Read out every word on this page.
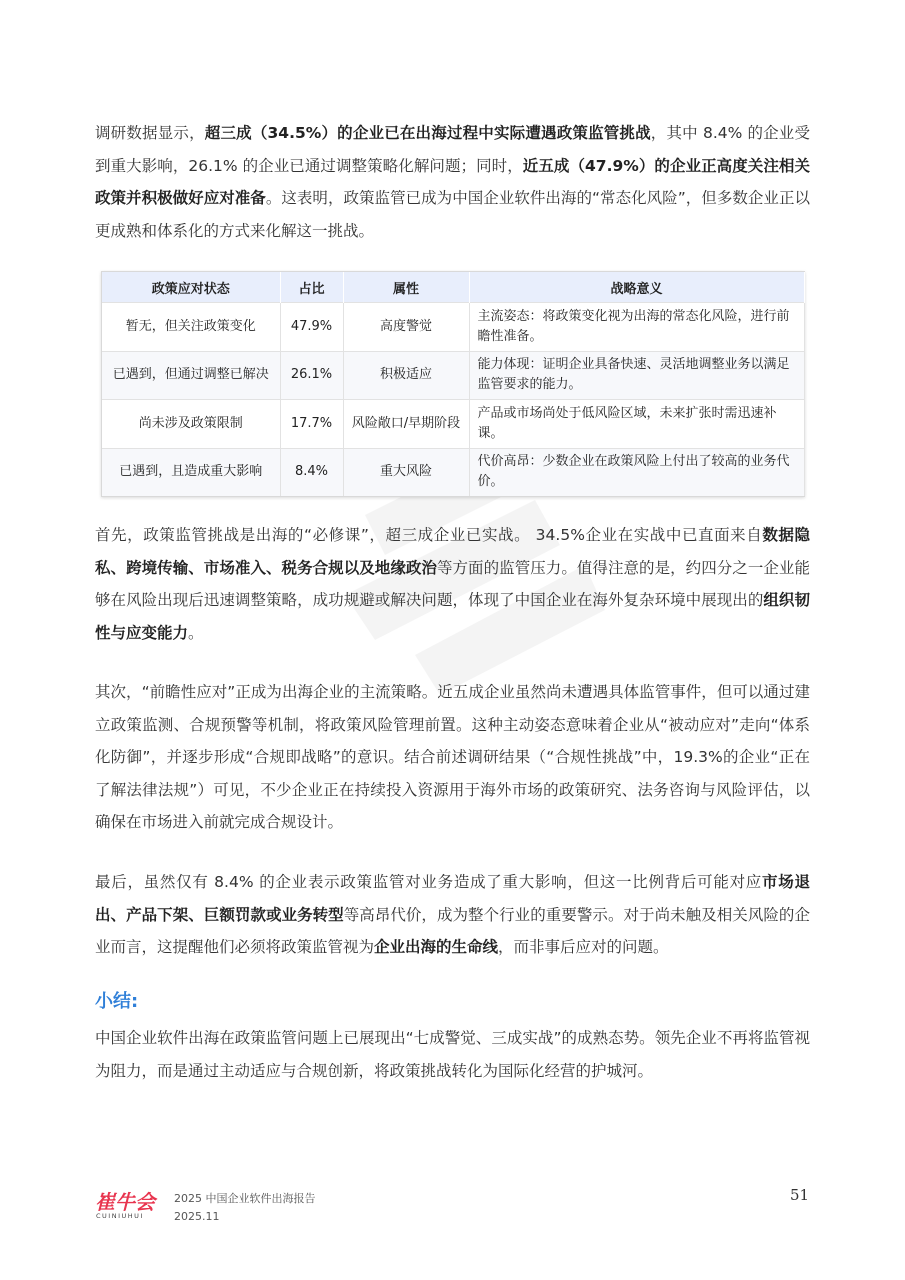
调研数据显示，超三成（34.5%）的企业已在出海过程中实际遭遇政策监管挑战，其中 8.4% 的企业受到重大影响，26.1% 的企业已通过调整策略化解问题；同时，近五成（47.9%）的企业正高度关注相关政策并积极做好应对准备。这表明，政策监管已成为中国企业软件出海的“常态化风险”，但多数企业正以更成熟和体系化的方式来化解这一挑战。

政策应对状态	占比	属性	战略意义
暂无，但关注政策变化	47.9%	高度警觉	主流姿态：将政策变化视为出海的常态化风险，进行前瞻性准备。
已遇到，但通过调整已解决	26.1%	积极适应	能力体现：证明企业具备快速、灵活地调整业务以满足监管要求的能力。
尚未涉及政策限制	17.7%	风险敞口/早期阶段	产品或市场尚处于低风险区域，未来扩张时需迅速补课。
已遇到，且造成重大影响	8.4%	重大风险	代价高昂：少数企业在政策风险上付出了较高的业务代价。

首先，政策监管挑战是出海的“必修课”，超三成企业已实战。 34.5%企业在实战中已直面来自数据隐私、跨境传输、市场准入、税务合规以及地缘政治等方面的监管压力。值得注意的是，约四分之一企业能够在风险出现后迅速调整策略，成功规避或解决问题，体现了中国企业在海外复杂环境中展现出的组织韧性与应变能力。

其次，“前瞻性应对”正成为出海企业的主流策略。近五成企业虽然尚未遭遇具体监管事件，但可以通过建立政策监测、合规预警等机制，将政策风险管理前置。这种主动姿态意味着企业从“被动应对”走向“体系化防御”，并逐步形成“合规即战略”的意识。结合前述调研结果（“合规性挑战”中，19.3%的企业“正在了解法律法规”）可见，不少企业正在持续投入资源用于海外市场的政策研究、法务咨询与风险评估，以确保在市场进入前就完成合规设计。

最后，虽然仅有 8.4% 的企业表示政策监管对业务造成了重大影响，但这一比例背后可能对应市场退出、产品下架、巨额罚款或业务转型等高昂代价，成为整个行业的重要警示。对于尚未触及相关风险的企业而言，这提醒他们必须将政策监管视为企业出海的生命线，而非事后应对的问题。

小结:

中国企业软件出海在政策监管问题上已展现出“七成警觉、三成实战”的成熟态势。领先企业不再将监管视为阻力，而是通过主动适应与合规创新，将政策挑战转化为国际化经营的护城河。

崔牛会
CUINIUHUI
2025 中国企业软件出海报告
2025.11
51
